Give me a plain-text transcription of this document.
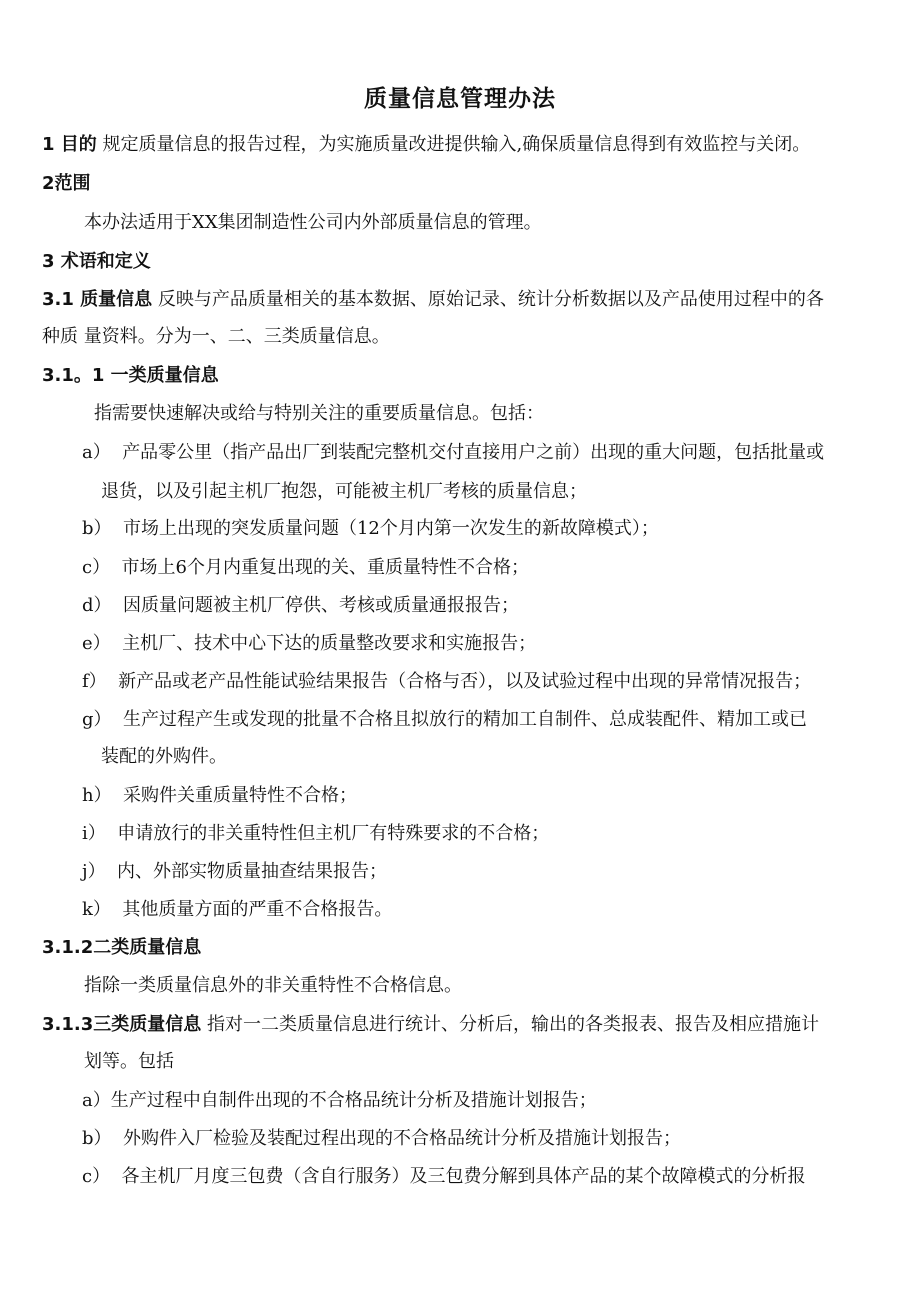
质量信息管理办法
1 目的 规定质量信息的报告过程，为实施质量改进提供输入,确保质量信息得到有效监控与关闭。
2范围
本办法适用于XX集团制造性公司内外部质量信息的管理。
3 术语和定义
3.1 质量信息 反映与产品质量相关的基本数据、原始记录、统计分析数据以及产品使用过程中的各
种质 量资料。分为一、二、三类质量信息。
3.1。1 一类质量信息
指需要快速解决或给与特别关注的重要质量信息。包括：
a） 产品零公里（指产品出厂到装配完整机交付直接用户之前）出现的重大问题，包括批量或
退货，以及引起主机厂抱怨，可能被主机厂考核的质量信息；
b） 市场上出现的突发质量问题（12个月内第一次发生的新故障模式）；
c） 市场上6个月内重复出现的关、重质量特性不合格；
d） 因质量问题被主机厂停供、考核或质量通报报告；
e） 主机厂、技术中心下达的质量整改要求和实施报告；
f） 新产品或老产品性能试验结果报告（合格与否），以及试验过程中出现的异常情况报告；
g） 生产过程产生或发现的批量不合格且拟放行的精加工自制件、总成装配件、精加工或已
装配的外购件。
h） 采购件关重质量特性不合格；
i） 申请放行的非关重特性但主机厂有特殊要求的不合格；
j） 内、外部实物质量抽查结果报告；
k） 其他质量方面的严重不合格报告。
3.1.2二类质量信息
指除一类质量信息外的非关重特性不合格信息。
3.1.3三类质量信息 指对一二类质量信息进行统计、分析后，输出的各类报表、报告及相应措施计
划等。包括
a）生产过程中自制件出现的不合格品统计分析及措施计划报告；
b） 外购件入厂检验及装配过程出现的不合格品统计分析及措施计划报告；
c） 各主机厂月度三包费（含自行服务）及三包费分解到具体产品的某个故障模式的分析报
